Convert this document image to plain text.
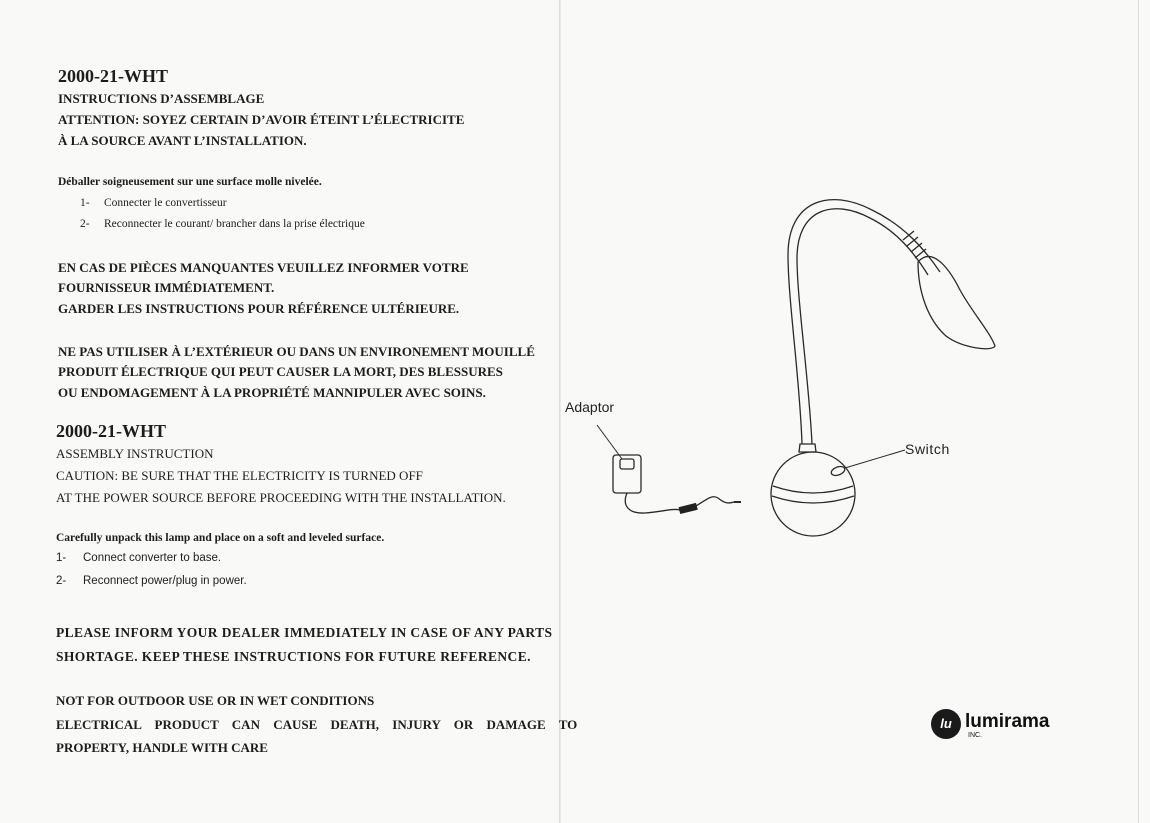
2000-21-WHT
INSTRUCTIONS D’ASSEMBLAGE
ATTENTION: SOYEZ CERTAIN D’AVOIR ÉTEINT L’ÉLECTRICITE
À LA SOURCE AVANT L’INSTALLATION.
Déballer soigneusement sur une surface molle nivelée.
1- Connecter le convertisseur
2- Reconnecter le courant/ brancher dans la prise électrique
EN CAS DE PIÈCES MANQUANTES VEUILLEZ INFORMER VOTRE
FOURNISSEUR IMMÉDIATEMENT.
GARDER LES INSTRUCTIONS POUR RÉFÉRENCE ULTÉRIEURE.
NE PAS UTILISER À L’EXTÉRIEUR OU DANS UN ENVIRONEMENT MOUILLÉ
PRODUIT ÉLECTRIQUE QUI PEUT CAUSER LA MORT, DES BLESSURES
OU ENDOMAGEMENT À LA PROPRIÉTÉ MANNIPULER AVEC SOINS.
2000-21-WHT
ASSEMBLY INSTRUCTION
CAUTION: BE SURE THAT THE ELECTRICITY IS TURNED OFF
AT THE POWER SOURCE BEFORE PROCEEDING WITH THE INSTALLATION.
Carefully unpack this lamp and place on a soft and leveled surface.
1- Connect converter to base.
2- Reconnect power/plug in power.
PLEASE INFORM YOUR DEALER IMMEDIATELY IN CASE OF ANY PARTS
SHORTAGE. KEEP THESE INSTRUCTIONS FOR FUTURE REFERENCE.
NOT FOR OUTDOOR USE OR IN WET CONDITIONS
ELECTRICAL PRODUCT CAN CAUSE DEATH, INJURY OR DAMAGE TO
PROPERTY, HANDLE WITH CARE
Adaptor
Switch
lu lumirama
INC.
